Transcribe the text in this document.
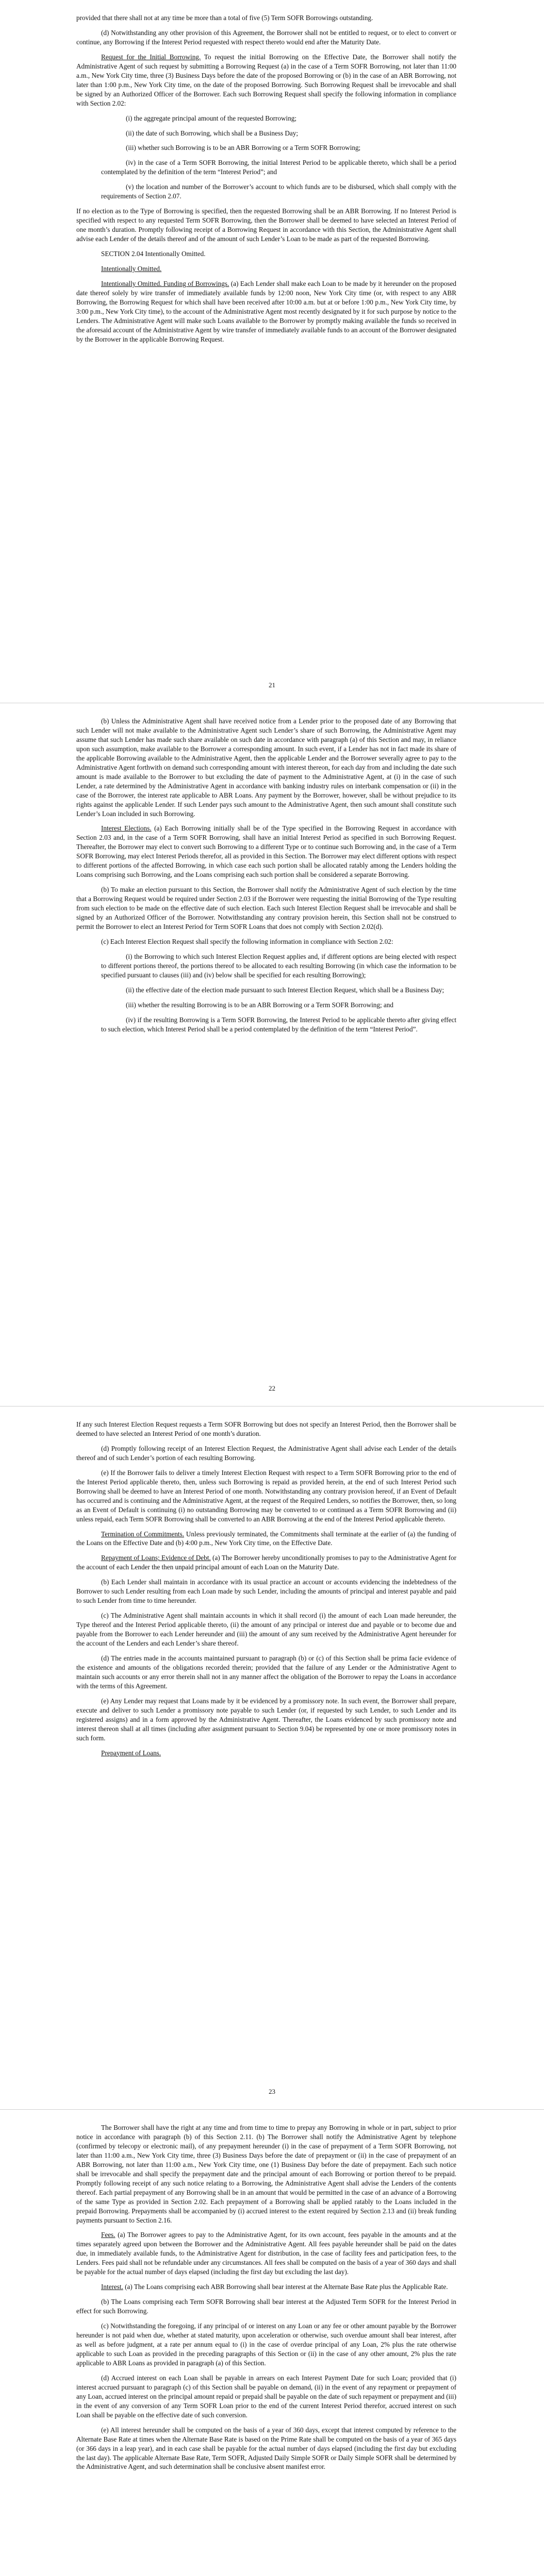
provided that there shall not at any time be more than a total of five (5) Term SOFR Borrowings outstanding.

(d) Notwithstanding any other provision of this Agreement, the Borrower shall not be entitled to request, or to elect to convert or continue, any Borrowing if the Interest Period requested with respect thereto would end after the Maturity Date.

Request for the Initial Borrowing. To request the initial Borrowing on the Effective Date, the Borrower shall notify the Administrative Agent of such request by submitting a Borrowing Request (a) in the case of a Term SOFR Borrowing, not later than 11:00 a.m., New York City time, three (3) Business Days before the date of the proposed Borrowing or (b) in the case of an ABR Borrowing, not later than 1:00 p.m., New York City time, on the date of the proposed Borrowing. Such Borrowing Request shall be irrevocable and shall be signed by an Authorized Officer of the Borrower. Each such Borrowing Request shall specify the following information in compliance with Section 2.02:

(i) the aggregate principal amount of the requested Borrowing;

(ii) the date of such Borrowing, which shall be a Business Day;

(iii) whether such Borrowing is to be an ABR Borrowing or a Term SOFR Borrowing;

(iv) in the case of a Term SOFR Borrowing, the initial Interest Period to be applicable thereto, which shall be a period contemplated by the definition of the term “Interest Period”; and

(v) the location and number of the Borrower’s account to which funds are to be disbursed, which shall comply with the requirements of Section 2.07.

If no election as to the Type of Borrowing is specified, then the requested Borrowing shall be an ABR Borrowing. If no Interest Period is specified with respect to any requested Term SOFR Borrowing, then the Borrower shall be deemed to have selected an Interest Period of one month’s duration. Promptly following receipt of a Borrowing Request in accordance with this Section, the Administrative Agent shall advise each Lender of the details thereof and of the amount of such Lender’s Loan to be made as part of the requested Borrowing.

SECTION 2.04 Intentionally Omitted.

Intentionally Omitted.

Intentionally Omitted. Funding of Borrowings. (a) Each Lender shall make each Loan to be made by it hereunder on the proposed date thereof solely by wire transfer of immediately available funds by 12:00 noon, New York City time (or, with respect to any ABR Borrowing, the Borrowing Request for which shall have been received after 10:00 a.m. but at or before 1:00 p.m., New York City time, by 3:00 p.m., New York City time), to the account of the Administrative Agent most recently designated by it for such purpose by notice to the Lenders. The Administrative Agent will make such Loans available to the Borrower by promptly making available the funds so received in the aforesaid account of the Administrative Agent by wire transfer of immediately available funds to an account of the Borrower designated by the Borrower in the applicable Borrowing Request.

21

(b) Unless the Administrative Agent shall have received notice from a Lender prior to the proposed date of any Borrowing that such Lender will not make available to the Administrative Agent such Lender’s share of such Borrowing, the Administrative Agent may assume that such Lender has made such share available on such date in accordance with paragraph (a) of this Section and may, in reliance upon such assumption, make available to the Borrower a corresponding amount. In such event, if a Lender has not in fact made its share of the applicable Borrowing available to the Administrative Agent, then the applicable Lender and the Borrower severally agree to pay to the Administrative Agent forthwith on demand such corresponding amount with interest thereon, for each day from and including the date such amount is made available to the Borrower to but excluding the date of payment to the Administrative Agent, at (i) in the case of such Lender, a rate determined by the Administrative Agent in accordance with banking industry rules on interbank compensation or (ii) in the case of the Borrower, the interest rate applicable to ABR Loans. Any payment by the Borrower, however, shall be without prejudice to its rights against the applicable Lender. If such Lender pays such amount to the Administrative Agent, then such amount shall constitute such Lender’s Loan included in such Borrowing.

Interest Elections. (a) Each Borrowing initially shall be of the Type specified in the Borrowing Request in accordance with Section 2.03 and, in the case of a Term SOFR Borrowing, shall have an initial Interest Period as specified in such Borrowing Request. Thereafter, the Borrower may elect to convert such Borrowing to a different Type or to continue such Borrowing and, in the case of a Term SOFR Borrowing, may elect Interest Periods therefor, all as provided in this Section. The Borrower may elect different options with respect to different portions of the affected Borrowing, in which case each such portion shall be allocated ratably among the Lenders holding the Loans comprising such Borrowing, and the Loans comprising each such portion shall be considered a separate Borrowing.

(b) To make an election pursuant to this Section, the Borrower shall notify the Administrative Agent of such election by the time that a Borrowing Request would be required under Section 2.03 if the Borrower were requesting the initial Borrowing of the Type resulting from such election to be made on the effective date of such election. Each such Interest Election Request shall be irrevocable and shall be signed by an Authorized Officer of the Borrower. Notwithstanding any contrary provision herein, this Section shall not be construed to permit the Borrower to elect an Interest Period for Term SOFR Loans that does not comply with Section 2.02(d).

(c) Each Interest Election Request shall specify the following information in compliance with Section 2.02:

(i) the Borrowing to which such Interest Election Request applies and, if different options are being elected with respect to different portions thereof, the portions thereof to be allocated to each resulting Borrowing (in which case the information to be specified pursuant to clauses (iii) and (iv) below shall be specified for each resulting Borrowing);

(ii) the effective date of the election made pursuant to such Interest Election Request, which shall be a Business Day;

(iii) whether the resulting Borrowing is to be an ABR Borrowing or a Term SOFR Borrowing; and

(iv) if the resulting Borrowing is a Term SOFR Borrowing, the Interest Period to be applicable thereto after giving effect to such election, which Interest Period shall be a period contemplated by the definition of the term “Interest Period”.

22

If any such Interest Election Request requests a Term SOFR Borrowing but does not specify an Interest Period, then the Borrower shall be deemed to have selected an Interest Period of one month’s duration.

(d) Promptly following receipt of an Interest Election Request, the Administrative Agent shall advise each Lender of the details thereof and of such Lender’s portion of each resulting Borrowing.

(e) If the Borrower fails to deliver a timely Interest Election Request with respect to a Term SOFR Borrowing prior to the end of the Interest Period applicable thereto, then, unless such Borrowing is repaid as provided herein, at the end of such Interest Period such Borrowing shall be deemed to have an Interest Period of one month. Notwithstanding any contrary provision hereof, if an Event of Default has occurred and is continuing and the Administrative Agent, at the request of the Required Lenders, so notifies the Borrower, then, so long as an Event of Default is continuing (i) no outstanding Borrowing may be converted to or continued as a Term SOFR Borrowing and (ii) unless repaid, each Term SOFR Borrowing shall be converted to an ABR Borrowing at the end of the Interest Period applicable thereto.

Termination of Commitments. Unless previously terminated, the Commitments shall terminate at the earlier of (a) the funding of the Loans on the Effective Date and (b) 4:00 p.m., New York City time, on the Effective Date.

Repayment of Loans; Evidence of Debt. (a) The Borrower hereby unconditionally promises to pay to the Administrative Agent for the account of each Lender the then unpaid principal amount of each Loan on the Maturity Date.

(b) Each Lender shall maintain in accordance with its usual practice an account or accounts evidencing the indebtedness of the Borrower to such Lender resulting from each Loan made by such Lender, including the amounts of principal and interest payable and paid to such Lender from time to time hereunder.

(c) The Administrative Agent shall maintain accounts in which it shall record (i) the amount of each Loan made hereunder, the Type thereof and the Interest Period applicable thereto, (ii) the amount of any principal or interest due and payable or to become due and payable from the Borrower to each Lender hereunder and (iii) the amount of any sum received by the Administrative Agent hereunder for the account of the Lenders and each Lender’s share thereof.

(d) The entries made in the accounts maintained pursuant to paragraph (b) or (c) of this Section shall be prima facie evidence of the existence and amounts of the obligations recorded therein; provided that the failure of any Lender or the Administrative Agent to maintain such accounts or any error therein shall not in any manner affect the obligation of the Borrower to repay the Loans in accordance with the terms of this Agreement.

(e) Any Lender may request that Loans made by it be evidenced by a promissory note. In such event, the Borrower shall prepare, execute and deliver to such Lender a promissory note payable to such Lender (or, if requested by such Lender, to such Lender and its registered assigns) and in a form approved by the Administrative Agent. Thereafter, the Loans evidenced by such promissory note and interest thereon shall at all times (including after assignment pursuant to Section 9.04) be represented by one or more promissory notes in such form.

Prepayment of Loans.

23

The Borrower shall have the right at any time and from time to time to prepay any Borrowing in whole or in part, subject to prior notice in accordance with paragraph (b) of this Section 2.11. (b) The Borrower shall notify the Administrative Agent by telephone (confirmed by telecopy or electronic mail), of any prepayment hereunder (i) in the case of prepayment of a Term SOFR Borrowing, not later than 11:00 a.m., New York City time, three (3) Business Days before the date of prepayment or (ii) in the case of prepayment of an ABR Borrowing, not later than 11:00 a.m., New York City time, one (1) Business Day before the date of prepayment. Each such notice shall be irrevocable and shall specify the prepayment date and the principal amount of each Borrowing or portion thereof to be prepaid. Promptly following receipt of any such notice relating to a Borrowing, the Administrative Agent shall advise the Lenders of the contents thereof. Each partial prepayment of any Borrowing shall be in an amount that would be permitted in the case of an advance of a Borrowing of the same Type as provided in Section 2.02. Each prepayment of a Borrowing shall be applied ratably to the Loans included in the prepaid Borrowing. Prepayments shall be accompanied by (i) accrued interest to the extent required by Section 2.13 and (ii) break funding payments pursuant to Section 2.16.

Fees. (a) The Borrower agrees to pay to the Administrative Agent, for its own account, fees payable in the amounts and at the times separately agreed upon between the Borrower and the Administrative Agent. All fees payable hereunder shall be paid on the dates due, in immediately available funds, to the Administrative Agent for distribution, in the case of facility fees and participation fees, to the Lenders. Fees paid shall not be refundable under any circumstances. All fees shall be computed on the basis of a year of 360 days and shall be payable for the actual number of days elapsed (including the first day but excluding the last day).

Interest. (a) The Loans comprising each ABR Borrowing shall bear interest at the Alternate Base Rate plus the Applicable Rate.

(b) The Loans comprising each Term SOFR Borrowing shall bear interest at the Adjusted Term SOFR for the Interest Period in effect for such Borrowing.

(c) Notwithstanding the foregoing, if any principal of or interest on any Loan or any fee or other amount payable by the Borrower hereunder is not paid when due, whether at stated maturity, upon acceleration or otherwise, such overdue amount shall bear interest, after as well as before judgment, at a rate per annum equal to (i) in the case of overdue principal of any Loan, 2% plus the rate otherwise applicable to such Loan as provided in the preceding paragraphs of this Section or (ii) in the case of any other amount, 2% plus the rate applicable to ABR Loans as provided in paragraph (a) of this Section.

(d) Accrued interest on each Loan shall be payable in arrears on each Interest Payment Date for such Loan; provided that (i) interest accrued pursuant to paragraph (c) of this Section shall be payable on demand, (ii) in the event of any repayment or prepayment of any Loan, accrued interest on the principal amount repaid or prepaid shall be payable on the date of such repayment or prepayment and (iii) in the event of any conversion of any Term SOFR Loan prior to the end of the current Interest Period therefor, accrued interest on such Loan shall be payable on the effective date of such conversion.

(e) All interest hereunder shall be computed on the basis of a year of 360 days, except that interest computed by reference to the Alternate Base Rate at times when the Alternate Base Rate is based on the Prime Rate shall be computed on the basis of a year of 365 days (or 366 days in a leap year), and in each case shall be payable for the actual number of days elapsed (including the first day but excluding the last day). The applicable Alternate Base Rate, Term SOFR, Adjusted Daily Simple SOFR or Daily Simple SOFR shall be determined by the Administrative Agent, and such determination shall be conclusive absent manifest error.
